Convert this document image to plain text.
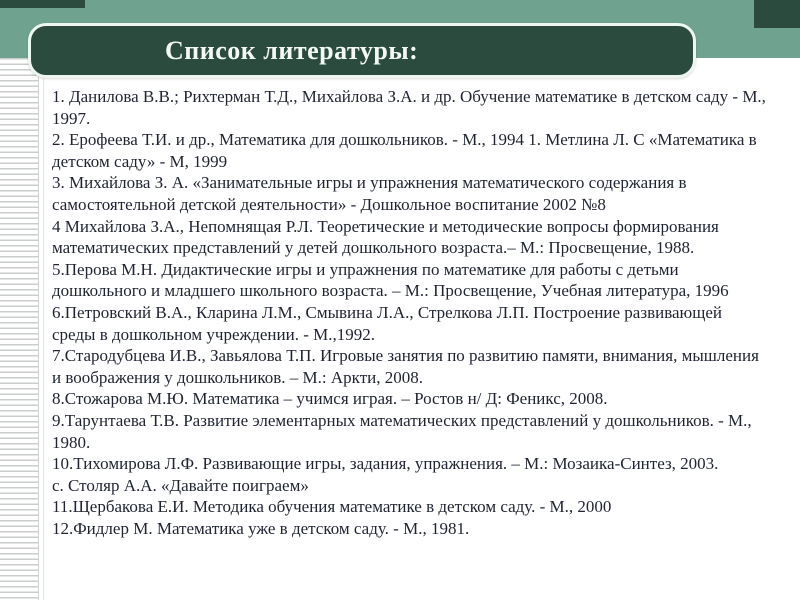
Список литературы:
1. Данилова В.В.; Рихтерман Т.Д., Михайлова З.А. и др. Обучение математике в детском саду - М., 1997.
2. Ерофеева Т.И. и др., Математика для дошкольников. - М., 1994 1. Метлина Л. С «Математика в детском саду» - М, 1999
3. Михайлова З. А. «Занимательные игры и упражнения математического содержания в самостоятельной детской деятельности» - Дошкольное воспитание 2002 №8
4 Михайлова З.А., Непомнящая Р.Л. Теоретические и методические вопросы формирования математических представлений у детей дошкольного возраста.– М.: Просвещение, 1988.
5.Перова М.Н. Дидактические игры и упражнения по математике для работы с детьми дошкольного и младшего школьного возраста. – М.: Просвещение, Учебная литература, 1996
6.Петровский В.А., Кларина Л.М., Смывина Л.А., Стрелкова Л.П. Построение развивающей среды в дошкольном учреждении. - М.,1992.
7.Стародубцева И.В., Завьялова Т.П. Игровые занятия по развитию памяти, внимания, мышления и воображения у дошкольников. – М.: Аркти, 2008.
8.Стожарова М.Ю. Математика – учимся играя. – Ростов н/ Д: Феникс, 2008.
9.Тарунтаева Т.В. Развитие элементарных математических представлений у дошкольников. - М., 1980.
10.Тихомирова Л.Ф. Развивающие игры, задания, упражнения. – М.: Мозаика-Синтез, 2003.
с. Столяр А.А. «Давайте поиграем»
11.Щербакова Е.И. Методика обучения математике в детском саду. - М., 2000
12.Фидлер М. Математика уже в детском саду. - М., 1981.
